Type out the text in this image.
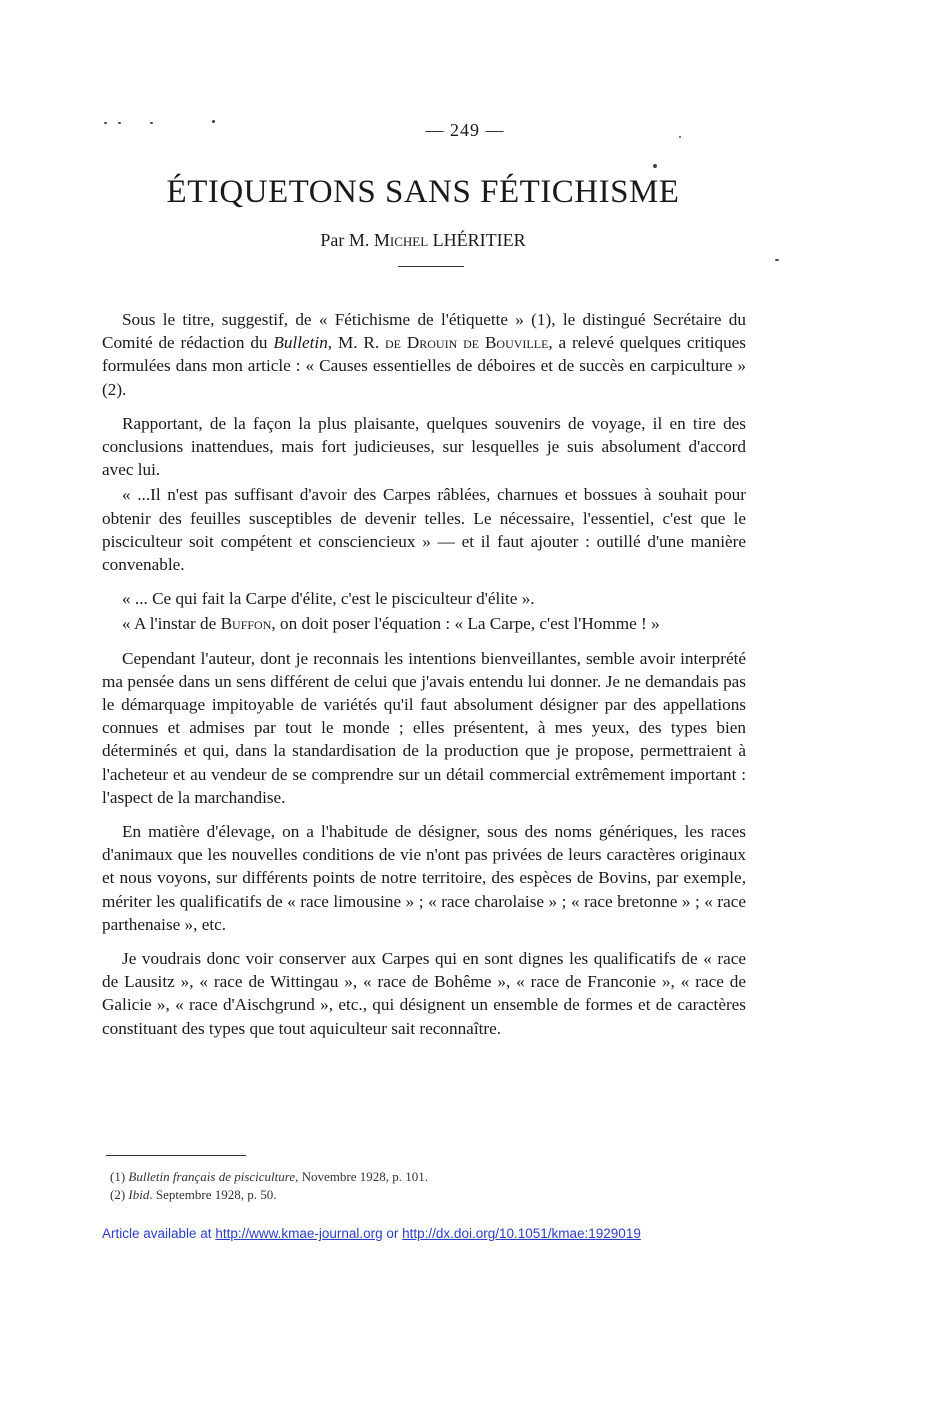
— 249 —
ÉTIQUETONS SANS FÉTICHISME
Par M. Michel LHÉRITIER

Sous le titre, suggestif, de « Fétichisme de l'étiquette » (1), le distingué Secrétaire du Comité de rédaction du Bulletin, M. R. de Drouin de Bouville, a relevé quelques critiques formulées dans mon article : « Causes essentielles de déboires et de succès en carpiculture » (2).

Rapportant, de la façon la plus plaisante, quelques souvenirs de voyage, il en tire des conclusions inattendues, mais fort judicieuses, sur lesquelles je suis absolument d'accord avec lui.

« ...Il n'est pas suffisant d'avoir des Carpes râblées, charnues et bossues à souhait pour obtenir des feuilles susceptibles de devenir telles. Le nécessaire, l'essentiel, c'est que le pisciculteur soit compétent et consciencieux » — et il faut ajouter : outillé d'une manière convenable.

« ... Ce qui fait la Carpe d'élite, c'est le pisciculteur d'élite ».

« A l'instar de Buffon, on doit poser l'équation : « La Carpe, c'est l'Homme ! »

Cependant l'auteur, dont je reconnais les intentions bienveillantes, semble avoir interprété ma pensée dans un sens différent de celui que j'avais entendu lui donner. Je ne demandais pas le démarquage impitoyable de variétés qu'il faut absolument désigner par des appellations connues et admises par tout le monde ; elles présentent, à mes yeux, des types bien déterminés et qui, dans la standardisation de la production que je propose, permettraient à l'acheteur et au vendeur de se comprendre sur un détail commercial extrêmement important : l'aspect de la marchandise.

En matière d'élevage, on a l'habitude de désigner, sous des noms génériques, les races d'animaux que les nouvelles conditions de vie n'ont pas privées de leurs caractères originaux et nous voyons, sur différents points de notre territoire, des espèces de Bovins, par exemple, mériter les qualificatifs de « race limousine » ; « race charolaise » ; « race bretonne » ; « race parthenaise », etc.

Je voudrais donc voir conserver aux Carpes qui en sont dignes les qualificatifs de « race de Lausitz », « race de Wittingau », « race de Bohême », « race de Franconie », « race de Galicie », « race d'Aischgrund », etc., qui désignent un ensemble de formes et de caractères constituant des types que tout aquiculteur sait reconnaître.

(1) Bulletin français de pisciculture, Novembre 1928, p. 101.
(2) Ibid. Septembre 1928, p. 50.
Article available at http://www.kmae-journal.org or http://dx.doi.org/10.1051/kmae:1929019
